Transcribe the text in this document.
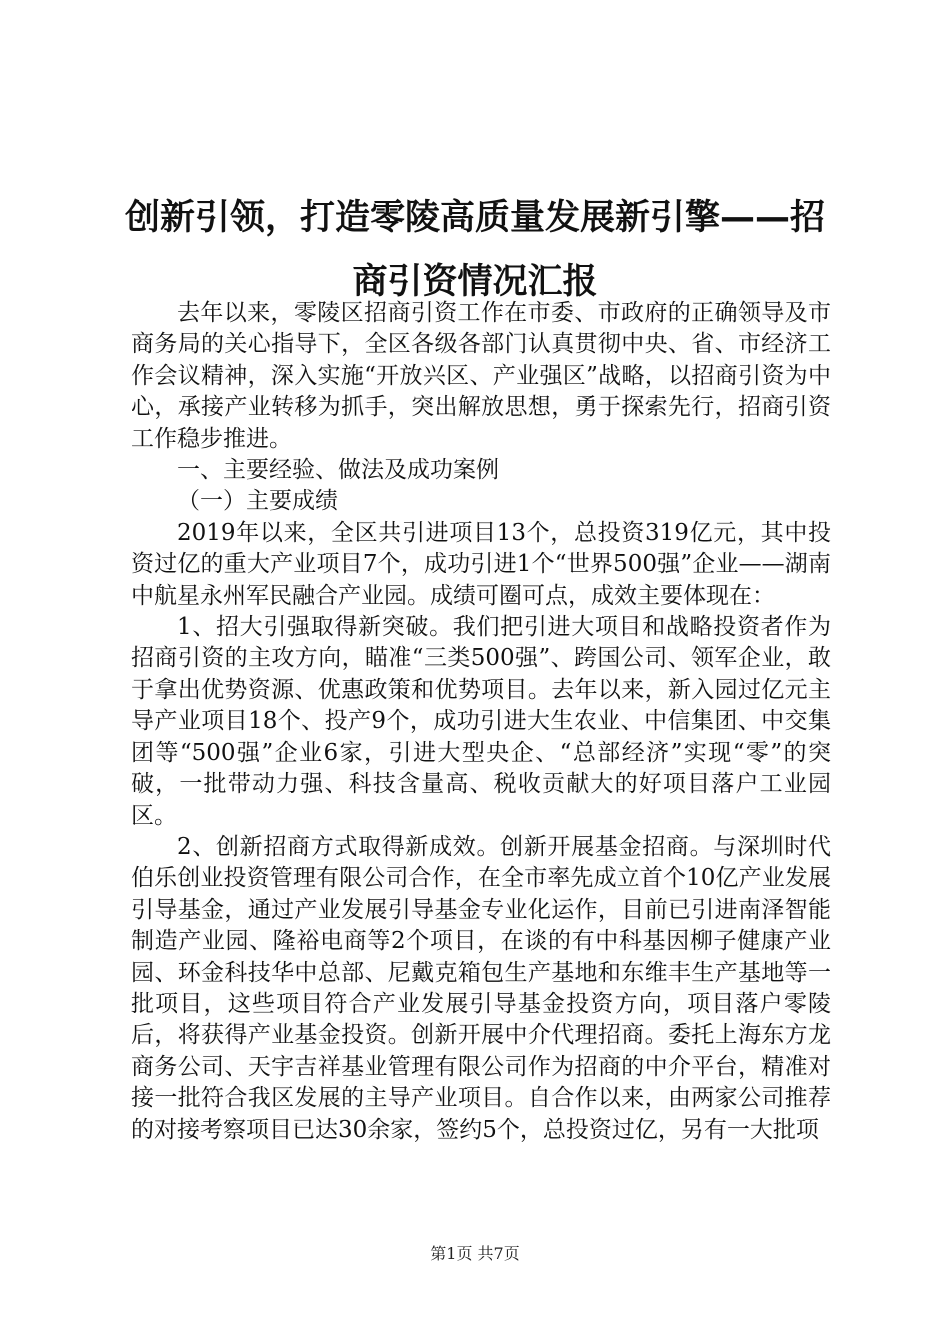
创新引领，打造零陵高质量发展新引擎——招
商引资情况汇报

去年以来，零陵区招商引资工作在市委、市政府的正确领导及市商务局的关心指导下，全区各级各部门认真贯彻中央、省、市经济工作会议精神，深入实施“开放兴区、产业强区”战略，以招商引资为中心，承接产业转移为抓手，突出解放思想，勇于探索先行，招商引资工作稳步推进。

一、主要经验、做法及成功案例

（一）主要成绩

2019年以来，全区共引进项目13个，总投资319亿元，其中投资过亿的重大产业项目7个，成功引进1个“世界500强”企业——湖南中航星永州军民融合产业园。成绩可圈可点，成效主要体现在：

1、招大引强取得新突破。我们把引进大项目和战略投资者作为招商引资的主攻方向，瞄准“三类500强”、跨国公司、领军企业，敢于拿出优势资源、优惠政策和优势项目。去年以来，新入园过亿元主导产业项目18个、投产9个，成功引进大生农业、中信集团、中交集团等“500强”企业6家，引进大型央企、“总部经济”实现“零”的突破，一批带动力强、科技含量高、税收贡献大的好项目落户工业园区。

2、创新招商方式取得新成效。创新开展基金招商。与深圳时代伯乐创业投资管理有限公司合作，在全市率先成立首个10亿产业发展引导基金，通过产业发展引导基金专业化运作，目前已引进南泽智能制造产业园、隆裕电商等2个项目，在谈的有中科基因柳子健康产业园、环金科技华中总部、尼戴克箱包生产基地和东维丰生产基地等一批项目，这些项目符合产业发展引导基金投资方向，项目落户零陵后，将获得产业基金投资。创新开展中介代理招商。委托上海东方龙商务公司、天宇吉祥基业管理有限公司作为招商的中介平台，精准对接一批符合我区发展的主导产业项目。自合作以来，由两家公司推荐的对接考察项目已达30余家，签约5个，总投资过亿，另有一大批项

第1页 共7页
